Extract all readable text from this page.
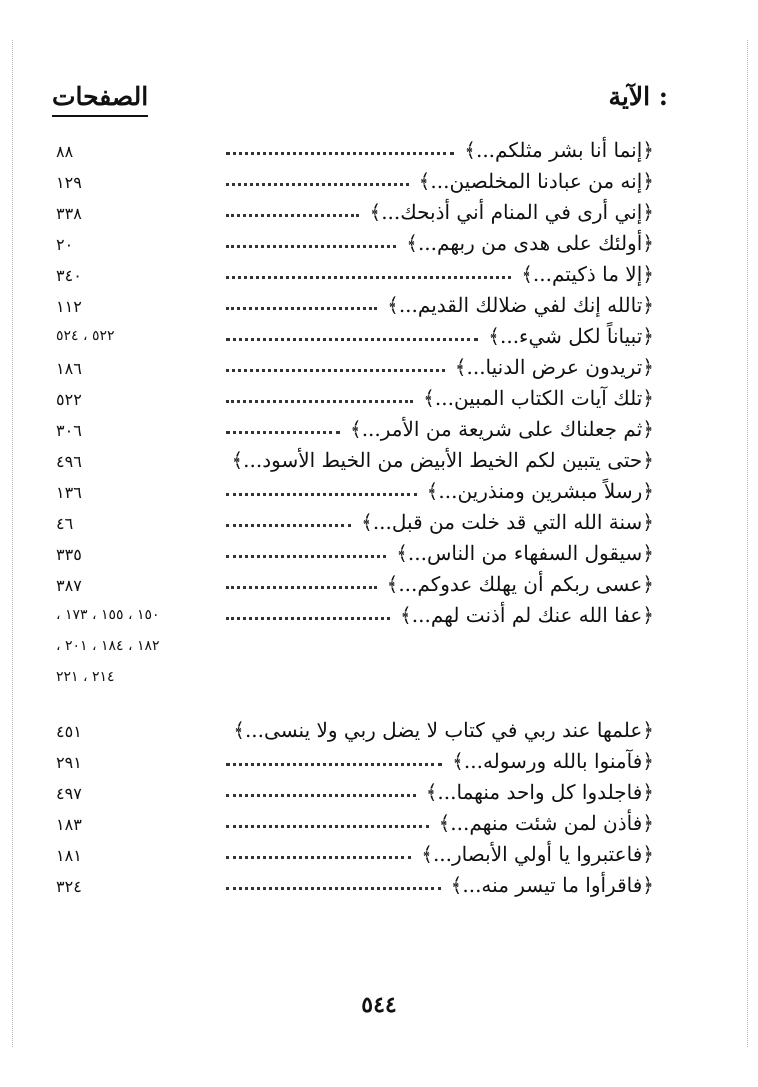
الآية :
الصفحات
﴿إنما أنا بشر مثلكم...﴾
٨٨
﴿إنه من عبادنا المخلصين...﴾
١٢٩
﴿إني أرى في المنام أني أذبحك...﴾
٣٣٨
﴿أولئك على هدى من ربهم...﴾
٢٠
﴿إلا ما ذكيتم...﴾
٣٤٠
﴿تالله إنك لفي ضلالك القديم...﴾
١١٢
﴿تبياناً لكل شيء...﴾
٥٢٢ ، ٥٢٤
﴿تريدون عرض الدنيا...﴾
١٨٦
﴿تلك آيات الكتاب المبين...﴾
٥٢٢
﴿ثم جعلناك على شريعة من الأمر...﴾
٣٠٦
﴿حتى يتبين لكم الخيط الأبيض من الخيط الأسود...﴾
٤٩٦
﴿رسلاً مبشرين ومنذرين...﴾
١٣٦
﴿سنة الله التي قد خلت من قبل...﴾
٤٦
﴿سيقول السفهاء من الناس...﴾
٣٣٥
﴿عسى ربكم أن يهلك عدوكم...﴾
٣٨٧
﴿عفا الله عنك لم أذنت لهم...﴾
١٥٠ ، ١٥٥ ، ١٧٣ ،
١٨٢ ، ١٨٤ ، ٢٠١ ،
٢١٤ ، ٢٢١
﴿علمها عند ربي في كتاب لا يضل ربي ولا ينسى...﴾
٤٥١
﴿فآمنوا بالله ورسوله...﴾
٢٩١
﴿فاجلدوا كل واحد منهما...﴾
٤٩٧
﴿فأذن لمن شئت منهم...﴾
١٨٣
﴿فاعتبروا يا أولي الأبصار...﴾
١٨١
﴿فاقرأوا ما تيسر منه...﴾
٣٢٤
٥٤٤
